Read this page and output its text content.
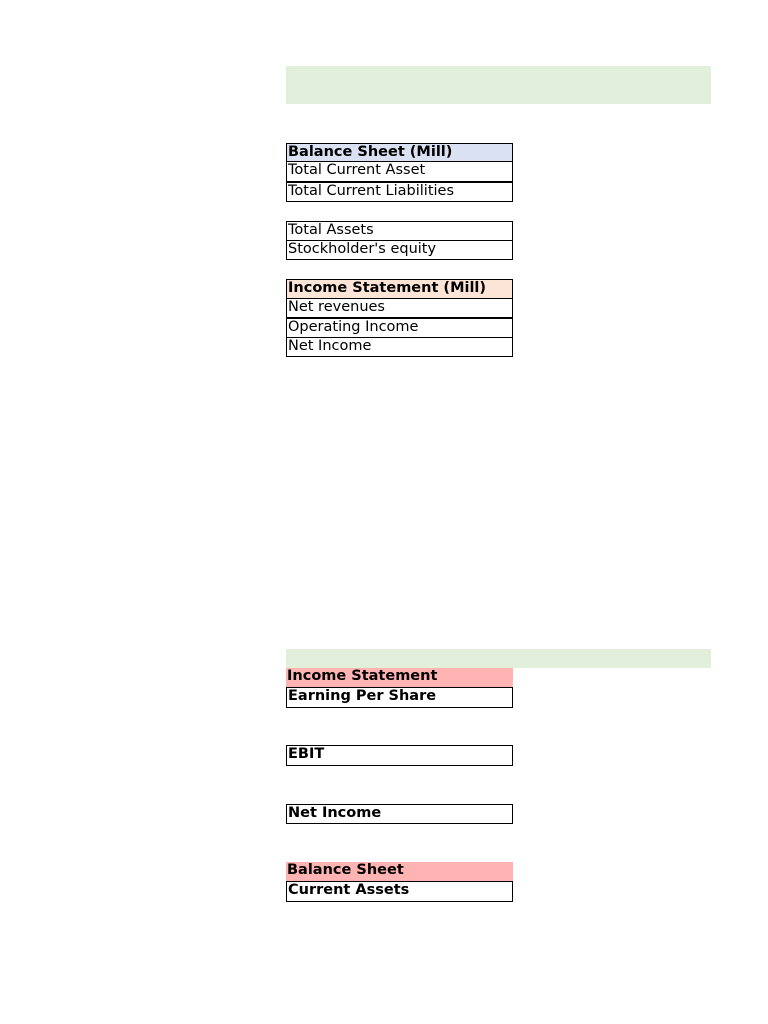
Balance Sheet (Mill)
Total Current Asset
Total Current Liabilities
Total Assets
Stockholder's equity
Income Statement (Mill)
Net revenues
Operating Income
Net Income
Income Statement
Earning Per Share
EBIT
Net Income
Balance Sheet
Current Assets
